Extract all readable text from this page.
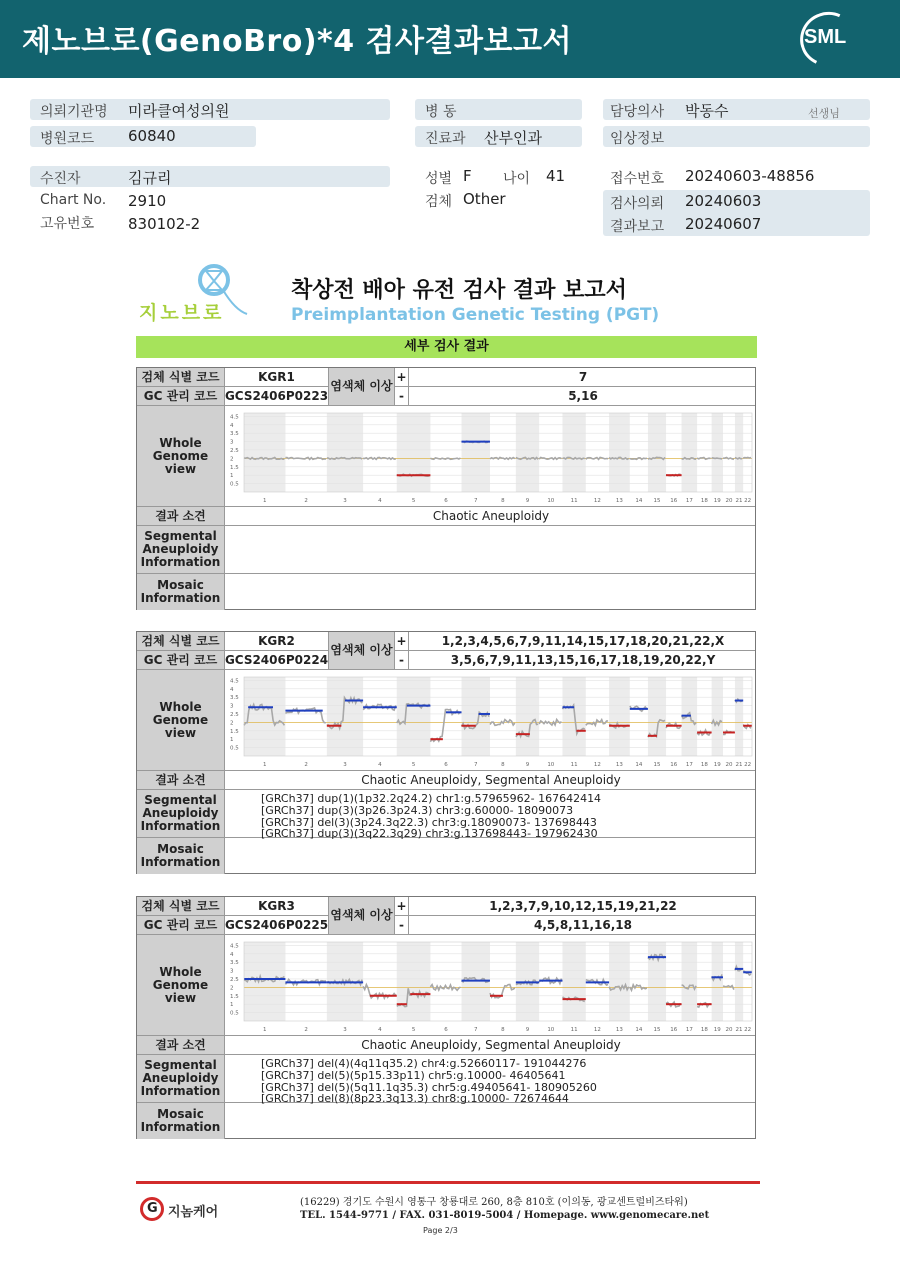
제노브로(GenoBro)*4 검사결과보고서	SML
의뢰기관명 미라클여성의원
병원코드 60840
병 동
진료과 산부인과
담당의사 박동수	선생님
임상정보
수진자	김규리
Chart No. 2910
고유번호 830102-2
성별 F 나이 41
검체 Other
접수번호 20240603-48856
검사의뢰 20240603
결과보고 20240607
지노브로
착상전 배아 유전 검사 결과 보고서
Preimplantation Genetic Testing (PGT)
세부 검사 결과
검체 식별 코드	KGR1	+	7
GC 관리 코드 GCS2406P0223	-	5,16
염색체 이상
Whole Genome view
4.5
4
3.5
3
2.5
2
1.5
1
0.5
1	2	3	4	5	6	7	8	9	10	11	12	13 14 15 16 17 18 19 20 21 22
결과 소견	Chaotic Aneuploidy
Segmental Aneuploidy Information
Mosaic Information
검체 식별 코드	KGR2	+	1,2,3,4,5,6,7,9,11,14,15,17,18,20,21,22,X
GC 관리 코드 GCS2406P0224	-	3,5,6,7,9,11,13,15,16,17,18,19,20,22,Y
염색체 이상
Whole Genome view
4.5
4
3.5
3
2.5
2
1.5
1
0.5
1	2	3	4	5	6	7	8	9	10	11	12	13 14 15 16 17 18 19 20 21 22
결과 소견	Chaotic Aneuploidy, Segmental Aneuploidy
Segmental Aneuploidy Information
[GRCh37] dup(1)(1p32.2q24.2) chr1:g.57965962- 167642414
[GRCh37] dup(3)(3p26.3p24.3) chr3:g.60000- 18090073
[GRCh37] del(3)(3p24.3q22.3) chr3:g.18090073- 137698443
[GRCh37] dup(3)(3q22.3q29) chr3:g.137698443- 197962430
Mosaic Information
검체 식별 코드	KGR3	+	1,2,3,7,9,10,12,15,19,21,22
GC 관리 코드 GCS2406P0225	-	4,5,8,11,16,18
염색체 이상
Whole Genome view
4.5
4
3.5
3
2.5
2
1.5
1
0.5
1	2	3	4	5	6	7	8	9	10	11	12	13 14 15 16 17 18 19 20 21 22
결과 소견	Chaotic Aneuploidy, Segmental Aneuploidy
Segmental Aneuploidy Information
[GRCh37] del(4)(4q11q35.2) chr4:g.52660117- 191044276
[GRCh37] del(5)(5p15.33p11) chr5:g.10000- 46405641
[GRCh37] del(5)(5q11.1q35.3) chr5:g.49405641- 180905260
[GRCh37] del(8)(8p23.3q13.3) chr8:g.10000- 72674644
Mosaic Information
G 지놈케어
(16229) 경기도 수원시 영통구 창룡대로 260, 8층 810호 (이의동, 광교센트럴비즈타워)
TEL. 1544-9771 / FAX. 031-8019-5004 / Homepage. www.genomecare.net
Page 2/3
